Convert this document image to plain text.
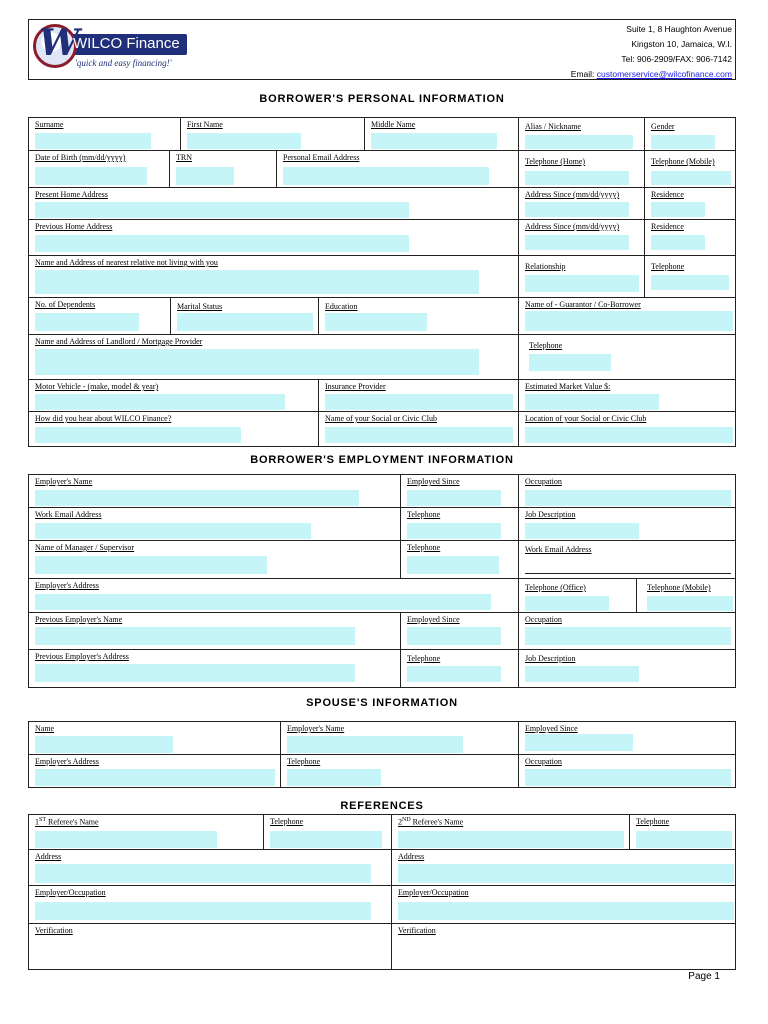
W
WILCO Finance
'quick and easy financing!'
Suite 1, 8 Haughton Avenue
Kingston 10, Jamaica, W.I.
Tel: 906-2909/FAX: 906-7142
Email: customerservice@wilcofinance.com
BORROWER'S PERSONAL INFORMATION
Surname	First Name	Middle Name	Alias / Nickname	Gender
Date of Birth (mm/dd/yyyy)	TRN	Personal Email Address	Telephone (Home)	Telephone (Mobile)
Present Home Address	Address Since (mm/dd/yyyy)	Residence
Previous Home Address	Address Since (mm/dd/yyyy)	Residence
Name and Address of nearest relative not living with you	Relationship	Telephone
No. of Dependents	Marital Status	Education	Name of - Guarantor / Co-Borrower
Name and Address of Landlord / Mortgage Provider	Telephone
Motor Vehicle - (make, model & year)	Insurance Provider	Estimated Market Value $:
How did you hear about WILCO Finance?	Name of your Social or Civic Club	Location of your Social or Civic Club
BORROWER'S EMPLOYMENT INFORMATION
Employer's Name	Employed Since	Occupation
Work Email Address	Telephone	Job Description
Name of Manager / Supervisor	Telephone	Work Email Address
Employer's Address	Telephone (Office)	Telephone (Mobile)
Previous Employer's Name	Employed Since	Occupation
Previous Employer's Address	Telephone	Job Description
SPOUSE'S INFORMATION
Name	Employer's Name	Employed Since
Employer's Address	Telephone	Occupation
REFERENCES
1ST Referee's Name	Telephone	2ND Referee's Name	Telephone
Address	Address
Employer/Occupation	Employer/Occupation
Verification	Verification
Page 1
